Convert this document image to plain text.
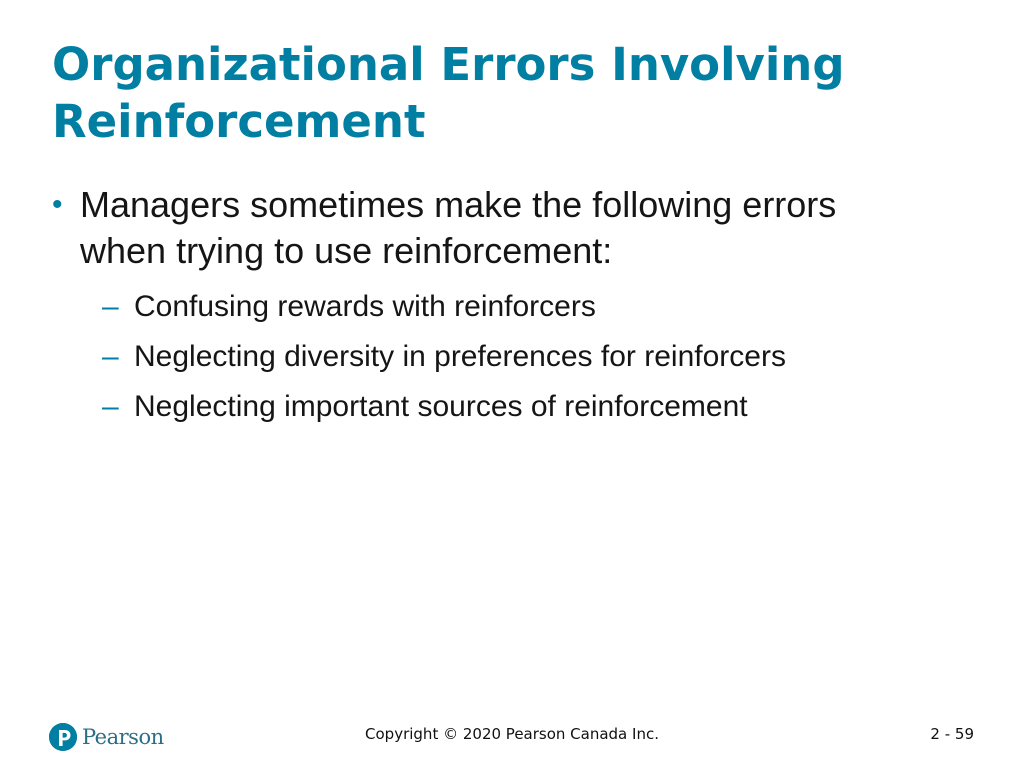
Organizational Errors Involving
Reinforcement
• Managers sometimes make the following errors
when trying to use reinforcement:
– Confusing rewards with reinforcers
– Neglecting diversity in preferences for reinforcers
– Neglecting important sources of reinforcement
Pearson	Copyright © 2020 Pearson Canada Inc.	2 - 59
